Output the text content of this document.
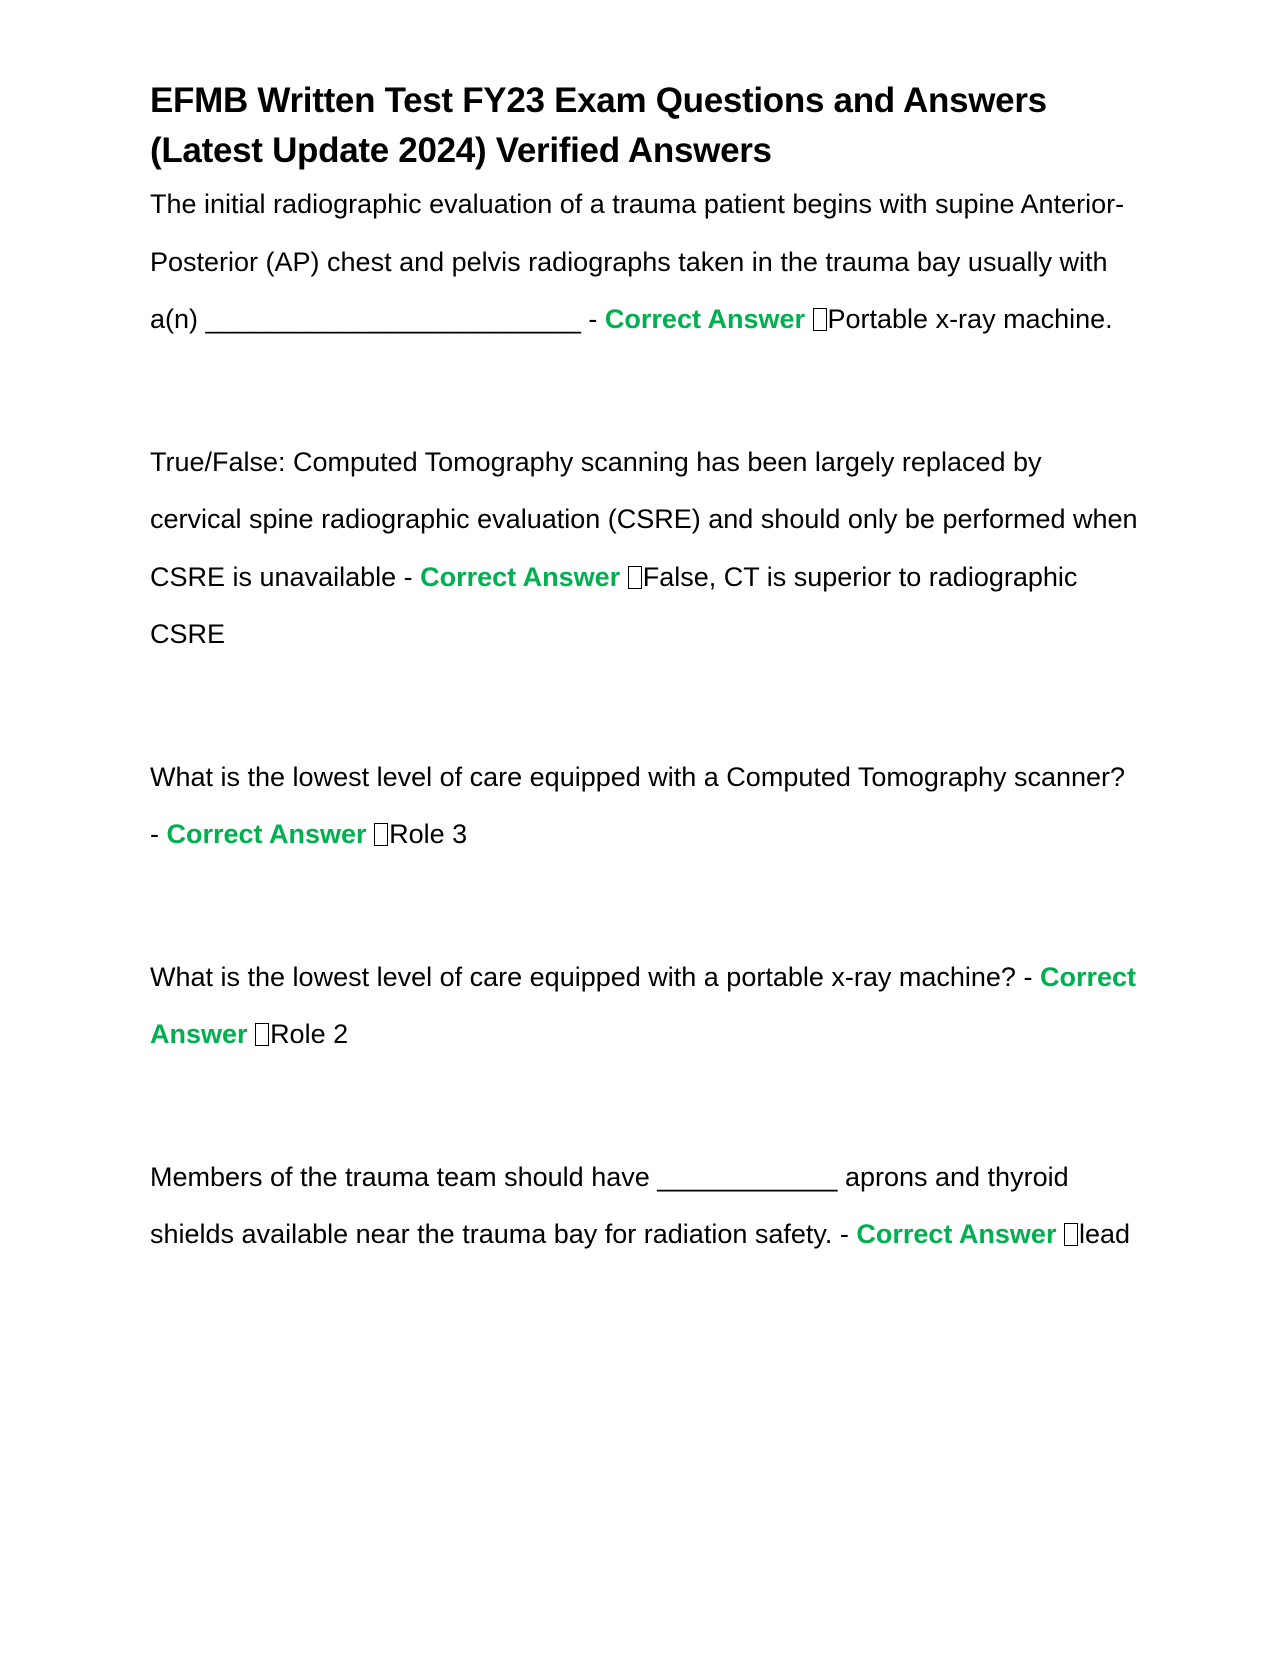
EFMB Written Test FY23 Exam Questions and Answers (Latest Update 2024) Verified Answers

The initial radiographic evaluation of a trauma patient begins with supine Anterior- Posterior (AP) chest and pelvis radiographs taken in the trauma bay usually with a(n) _________________________ - Correct Answer Portable x-ray machine.

True/False: Computed Tomography scanning has been largely replaced by cervical spine radiographic evaluation (CSRE) and should only be performed when CSRE is unavailable - Correct Answer False, CT is superior to radiographic CSRE

What is the lowest level of care equipped with a Computed Tomography scanner? - Correct Answer Role 3

What is the lowest level of care equipped with a portable x-ray machine? - Correct Answer Role 2

Members of the trauma team should have ____________ aprons and thyroid shields available near the trauma bay for radiation safety. - Correct Answer lead
